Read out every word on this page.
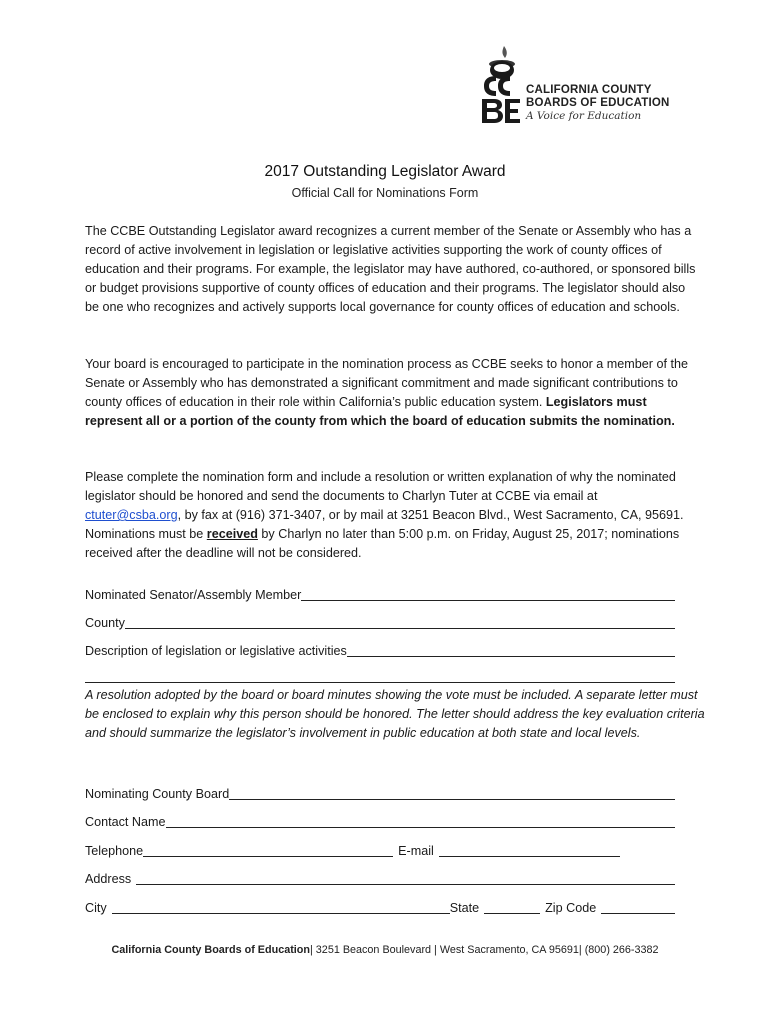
CALIFORNIA COUNTY
BOARDS OF EDUCATION
A Voice for Education
2017 Outstanding Legislator Award
Official Call for Nominations Form
The CCBE Outstanding Legislator award recognizes a current member of the Senate or Assembly who has a record of active involvement in legislation or legislative activities supporting the work of county offices of education and their programs. For example, the legislator may have authored, co-authored, or sponsored bills or budget provisions supportive of county offices of education and their programs. The legislator should also be one who recognizes and actively supports local governance for county offices of education and schools.
Your board is encouraged to participate in the nomination process as CCBE seeks to honor a member of the Senate or Assembly who has demonstrated a significant commitment and made significant contributions to county offices of education in their role within California’s public education system. Legislators must represent all or a portion of the county from which the board of education submits the nomination.
Please complete the nomination form and include a resolution or written explanation of why the nominated legislator should be honored and send the documents to Charlyn Tuter at CCBE via email at ctuter@csba.org, by fax at (916) 371-3407, or by mail at 3251 Beacon Blvd., West Sacramento, CA, 95691. Nominations must be received by Charlyn no later than 5:00 p.m. on Friday, August 25, 2017; nominations received after the deadline will not be considered.
Nominated Senator/Assembly Member
County
Description of legislation or legislative activities
A resolution adopted by the board or board minutes showing the vote must be included. A separate letter must be enclosed to explain why this person should be honored. The letter should address the key evaluation criteria and should summarize the legislator’s involvement in public education at both state and local levels.
Nominating County Board
Contact Name
Telephone	E-mail
Address
City	State	Zip Code
California County Boards of Education| 3251 Beacon Boulevard | West Sacramento, CA 95691| (800) 266-3382
